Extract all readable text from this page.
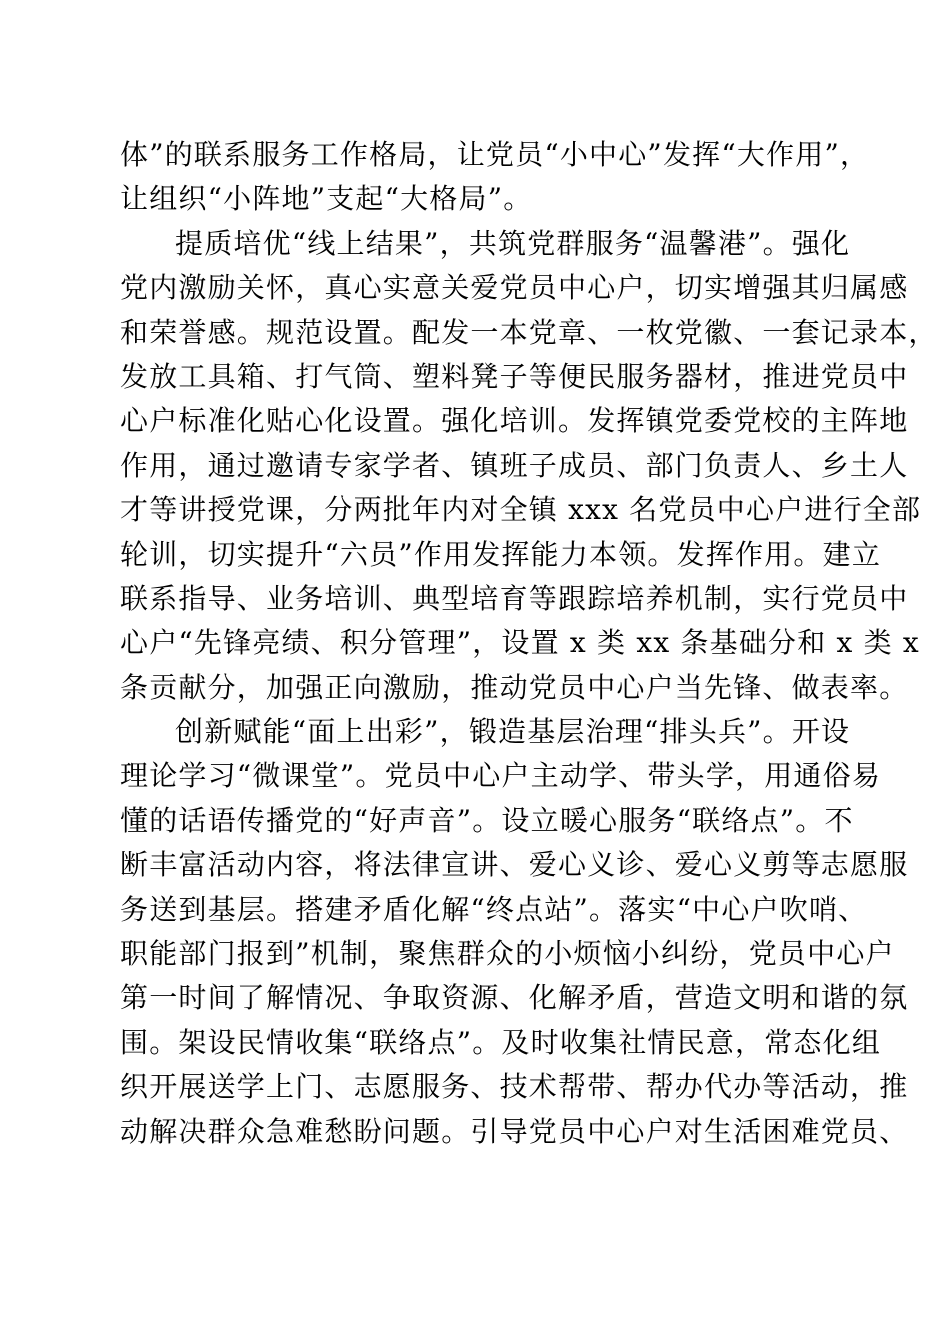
体”的联系服务工作格局，让党员“小中心”发挥“大作用”，
让组织“小阵地”支起“大格局”。
提质培优“线上结果”，共筑党群服务“温馨港”。强化
党内激励关怀，真心实意关爱党员中心户，切实增强其归属感
和荣誉感。规范设置。配发一本党章、一枚党徽、一套记录本，
发放工具箱、打气筒、塑料凳子等便民服务器材，推进党员中
心户标准化贴心化设置。强化培训。发挥镇党委党校的主阵地
作用，通过邀请专家学者、镇班子成员、部门负责人、乡土人
才等讲授党课，分两批年内对全镇 xxx 名党员中心户进行全部
轮训，切实提升“六员”作用发挥能力本领。发挥作用。建立
联系指导、业务培训、典型培育等跟踪培养机制，实行党员中
心户“先锋亮绩、积分管理”，设置 x 类 xx 条基础分和 x 类 x
条贡献分，加强正向激励，推动党员中心户当先锋、做表率。
创新赋能“面上出彩”，锻造基层治理“排头兵”。开设
理论学习“微课堂”。党员中心户主动学、带头学，用通俗易
懂的话语传播党的“好声音”。设立暖心服务“联络点”。不
断丰富活动内容，将法律宣讲、爱心义诊、爱心义剪等志愿服
务送到基层。搭建矛盾化解“终点站”。落实“中心户吹哨、
职能部门报到”机制，聚焦群众的小烦恼小纠纷，党员中心户
第一时间了解情况、争取资源、化解矛盾，营造文明和谐的氛
围。架设民情收集“联络点”。及时收集社情民意，常态化组
织开展送学上门、志愿服务、技术帮带、帮办代办等活动，推
动解决群众急难愁盼问题。引导党员中心户对生活困难党员、
